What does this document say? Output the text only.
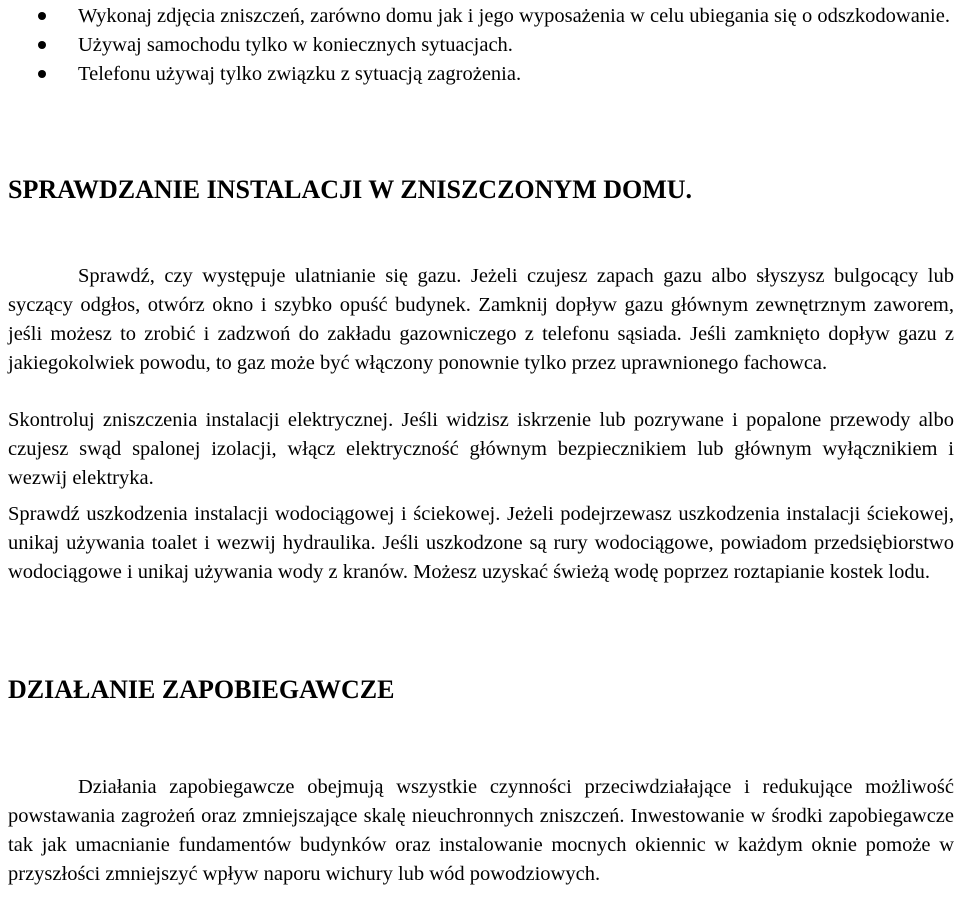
Wykonaj zdjęcia zniszczeń, zarówno domu jak i jego wyposażenia w celu ubiegania się o odszkodowanie.
Używaj samochodu tylko w koniecznych sytuacjach.
Telefonu używaj tylko związku z sytuacją zagrożenia.
SPRAWDZANIE INSTALACJI W ZNISZCZONYM DOMU.

Sprawdź, czy występuje ulatnianie się gazu. Jeżeli czujesz zapach gazu albo słyszysz bulgocący lub syczący odgłos, otwórz okno i szybko opuść budynek. Zamknij dopływ gazu głównym zewnętrznym zaworem, jeśli możesz to zrobić i zadzwoń do zakładu gazowniczego z telefonu sąsiada. Jeśli zamknięto dopływ gazu z jakiegokolwiek powodu, to gaz może być włączony ponownie tylko przez uprawnionego fachowca.

Skontroluj zniszczenia instalacji elektrycznej. Jeśli widzisz iskrzenie lub pozrywane i popalone przewody albo czujesz swąd spalonej izolacji, włącz elektryczność głównym bezpiecznikiem lub głównym wyłącznikiem i wezwij elektryka.

Sprawdź uszkodzenia instalacji wodociągowej i ściekowej. Jeżeli podejrzewasz uszkodzenia instalacji ściekowej, unikaj używania toalet i wezwij hydraulika. Jeśli uszkodzone są rury wodociągowe, powiadom przedsiębiorstwo wodociągowe i unikaj używania wody z kranów. Możesz uzyskać świeżą wodę poprzez roztapianie kostek lodu.

DZIAŁANIE ZAPOBIEGAWCZE

Działania zapobiegawcze obejmują wszystkie czynności przeciwdziałające i redukujące możliwość powstawania zagrożeń oraz zmniejszające skalę nieuchronnych zniszczeń. Inwestowanie w środki zapobiegawcze tak jak umacnianie fundamentów budynków oraz instalowanie mocnych okiennic w każdym oknie pomoże w przyszłości zmniejszyć wpływ naporu wichury lub wód powodziowych.
